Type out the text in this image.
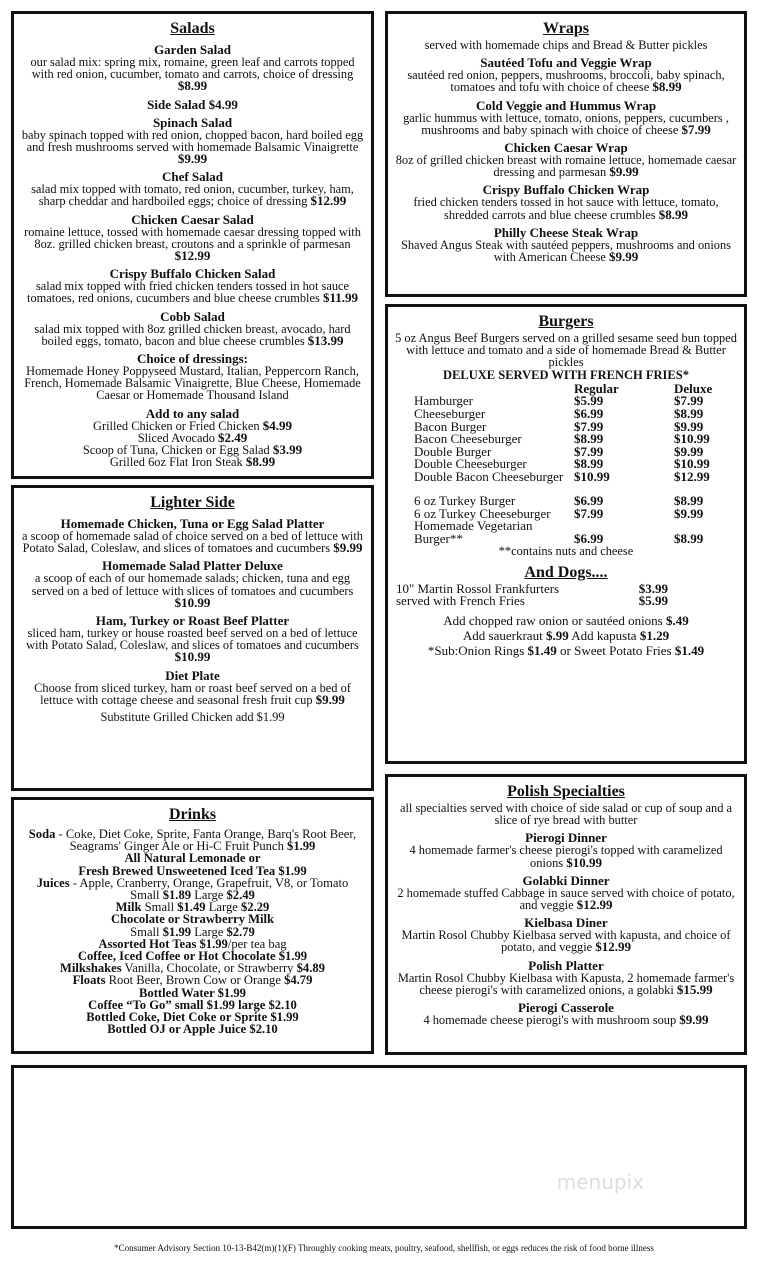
Salads
Garden Salad
our salad mix: spring mix, romaine, green leaf and carrots topped with red onion, cucumber, tomato and carrots, choice of dressing $8.99
Side Salad $4.99
Spinach Salad
baby spinach topped with red onion, chopped bacon, hard boiled egg and fresh mushrooms served with homemade Balsamic Vinaigrette $9.99
Chef Salad
salad mix topped with tomato, red onion, cucumber, turkey, ham, sharp cheddar and hardboiled eggs; choice of dressing $12.99
Chicken Caesar Salad
romaine lettuce, tossed with homemade caesar dressing topped with 8oz. grilled chicken breast, croutons and a sprinkle of parmesan $12.99
Crispy Buffalo Chicken Salad
salad mix topped with fried chicken tenders tossed in hot sauce tomatoes, red onions, cucumbers and blue cheese crumbles $11.99
Cobb Salad
salad mix topped with 8oz grilled chicken breast, avocado, hard boiled eggs, tomato, bacon and blue cheese crumbles $13.99
Choice of dressings:
Homemade Honey Poppyseed Mustard, Italian, Peppercorn Ranch, French, Homemade Balsamic Vinaigrette, Blue Cheese, Homemade Caesar or Homemade Thousand Island
Add to any salad
Grilled Chicken or Fried Chicken $4.99
Sliced Avocado $2.49
Scoop of Tuna, Chicken or Egg Salad $3.99
Grilled 6oz Flat Iron Steak $8.99
Wraps
served with homemade chips and Bread & Butter pickles
Sautéed Tofu and Veggie Wrap
sautéed red onion, peppers, mushrooms, broccoli, baby spinach, tomatoes and tofu with choice of cheese $8.99
Cold Veggie and Hummus Wrap
garlic hummus with lettuce, tomato, onions, peppers, cucumbers , mushrooms and baby spinach with choice of cheese $7.99
Chicken Caesar Wrap
8oz of grilled chicken breast with romaine lettuce, homemade caesar dressing and parmesan $9.99
Crispy Buffalo Chicken Wrap
fried chicken tenders tossed in hot sauce with lettuce, tomato, shredded carrots and blue cheese crumbles $8.99
Philly Cheese Steak Wrap
Shaved Angus Steak with sautéed peppers, mushrooms and onions with American Cheese $9.99
Burgers
5 oz Angus Beef Burgers served on a grilled sesame seed bun topped with lettuce and tomato and a side of homemade Bread & Butter pickles
DELUXE SERVED WITH FRENCH FRIES*
	Regular	Deluxe
Hamburger	$5.99	$7.99
Cheeseburger	$6.99	$8.99
Bacon Burger	$7.99	$9.99
Bacon Cheeseburger	$8.99	$10.99
Double Burger	$7.99	$9.99
Double Cheeseburger	$8.99	$10.99
Double Bacon Cheeseburger	$10.99	$12.99
6 oz Turkey Burger	$6.99	$8.99
6 oz Turkey Cheeseburger	$7.99	$9.99
Homemade Vegetarian Burger**	$6.99	$8.99
**contains nuts and cheese
And Dogs....
10" Martin Rossol Frankfurters	$3.99
served with French Fries	$5.99
Add chopped raw onion or sautéed onions $.49
Add sauerkraut $.99 Add kapusta $1.29
*Sub:Onion Rings $1.49 or Sweet Potato Fries $1.49
Lighter Side
Homemade Chicken, Tuna or Egg Salad Platter
a scoop of homemade salad of choice served on a bed of lettuce with Potato Salad, Coleslaw, and slices of tomatoes and cucumbers $9.99
Homemade Salad Platter Deluxe
a scoop of each of our homemade salads; chicken, tuna and egg served on a bed of lettuce with slices of tomatoes and cucumbers $10.99
Ham, Turkey or Roast Beef Platter
sliced ham, turkey or house roasted beef served on a bed of lettuce with Potato Salad, Coleslaw, and slices of tomatoes and cucumbers $10.99
Diet Plate
Choose from sliced turkey, ham or roast beef served on a bed of lettuce with cottage cheese and seasonal fresh fruit cup $9.99
Substitute Grilled Chicken add $1.99
Drinks
Soda - Coke, Diet Coke, Sprite, Fanta Orange, Barq's Root Beer, Seagrams' Ginger Ale or Hi-C Fruit Punch $1.99
All Natural Lemonade or
Fresh Brewed Unsweetened Iced Tea $1.99
Juices - Apple, Cranberry, Orange, Grapefruit, V8, or Tomato
Small $1.89 Large $2.49
Milk Small $1.49 Large $2.29
Chocolate or Strawberry Milk
Small $1.99 Large $2.79
Assorted Hot Teas $1.99/per tea bag
Coffee, Iced Coffee or Hot Chocolate $1.99
Milkshakes Vanilla, Chocolate, or Strawberry $4.89
Floats Root Beer, Brown Cow or Orange $4.79
Bottled Water $1.99
Coffee “To Go” small $1.99 large $2.10
Bottled Coke, Diet Coke or Sprite $1.99
Bottled OJ or Apple Juice $2.10
Polish Specialties
all specialties served with choice of side salad or cup of soup and a slice of rye bread with butter
Pierogi Dinner
4 homemade farmer's cheese pierogi's topped with caramelized onions $10.99
Golabki Dinner
2 homemade stuffed Cabbage in sauce served with choice of potato, and veggie $12.99
Kielbasa Diner
Martin Rosol Chubby Kielbasa served with kapusta, and choice of potato, and veggie $12.99
Polish Platter
Martin Rosol Chubby Kielbasa with Kapusta, 2 homemade farmer's cheese pierogi's with caramelized onions, a golabki $15.99
Pierogi Casserole
4 homemade cheese pierogi's with mushroom soup $9.99
menupix
*Consumer Advisory Section 10-13-B42(m)(1)(F) Throughly cooking meats, poultry, seafood, shellfish, or eggs reduces the risk of food borne illness
